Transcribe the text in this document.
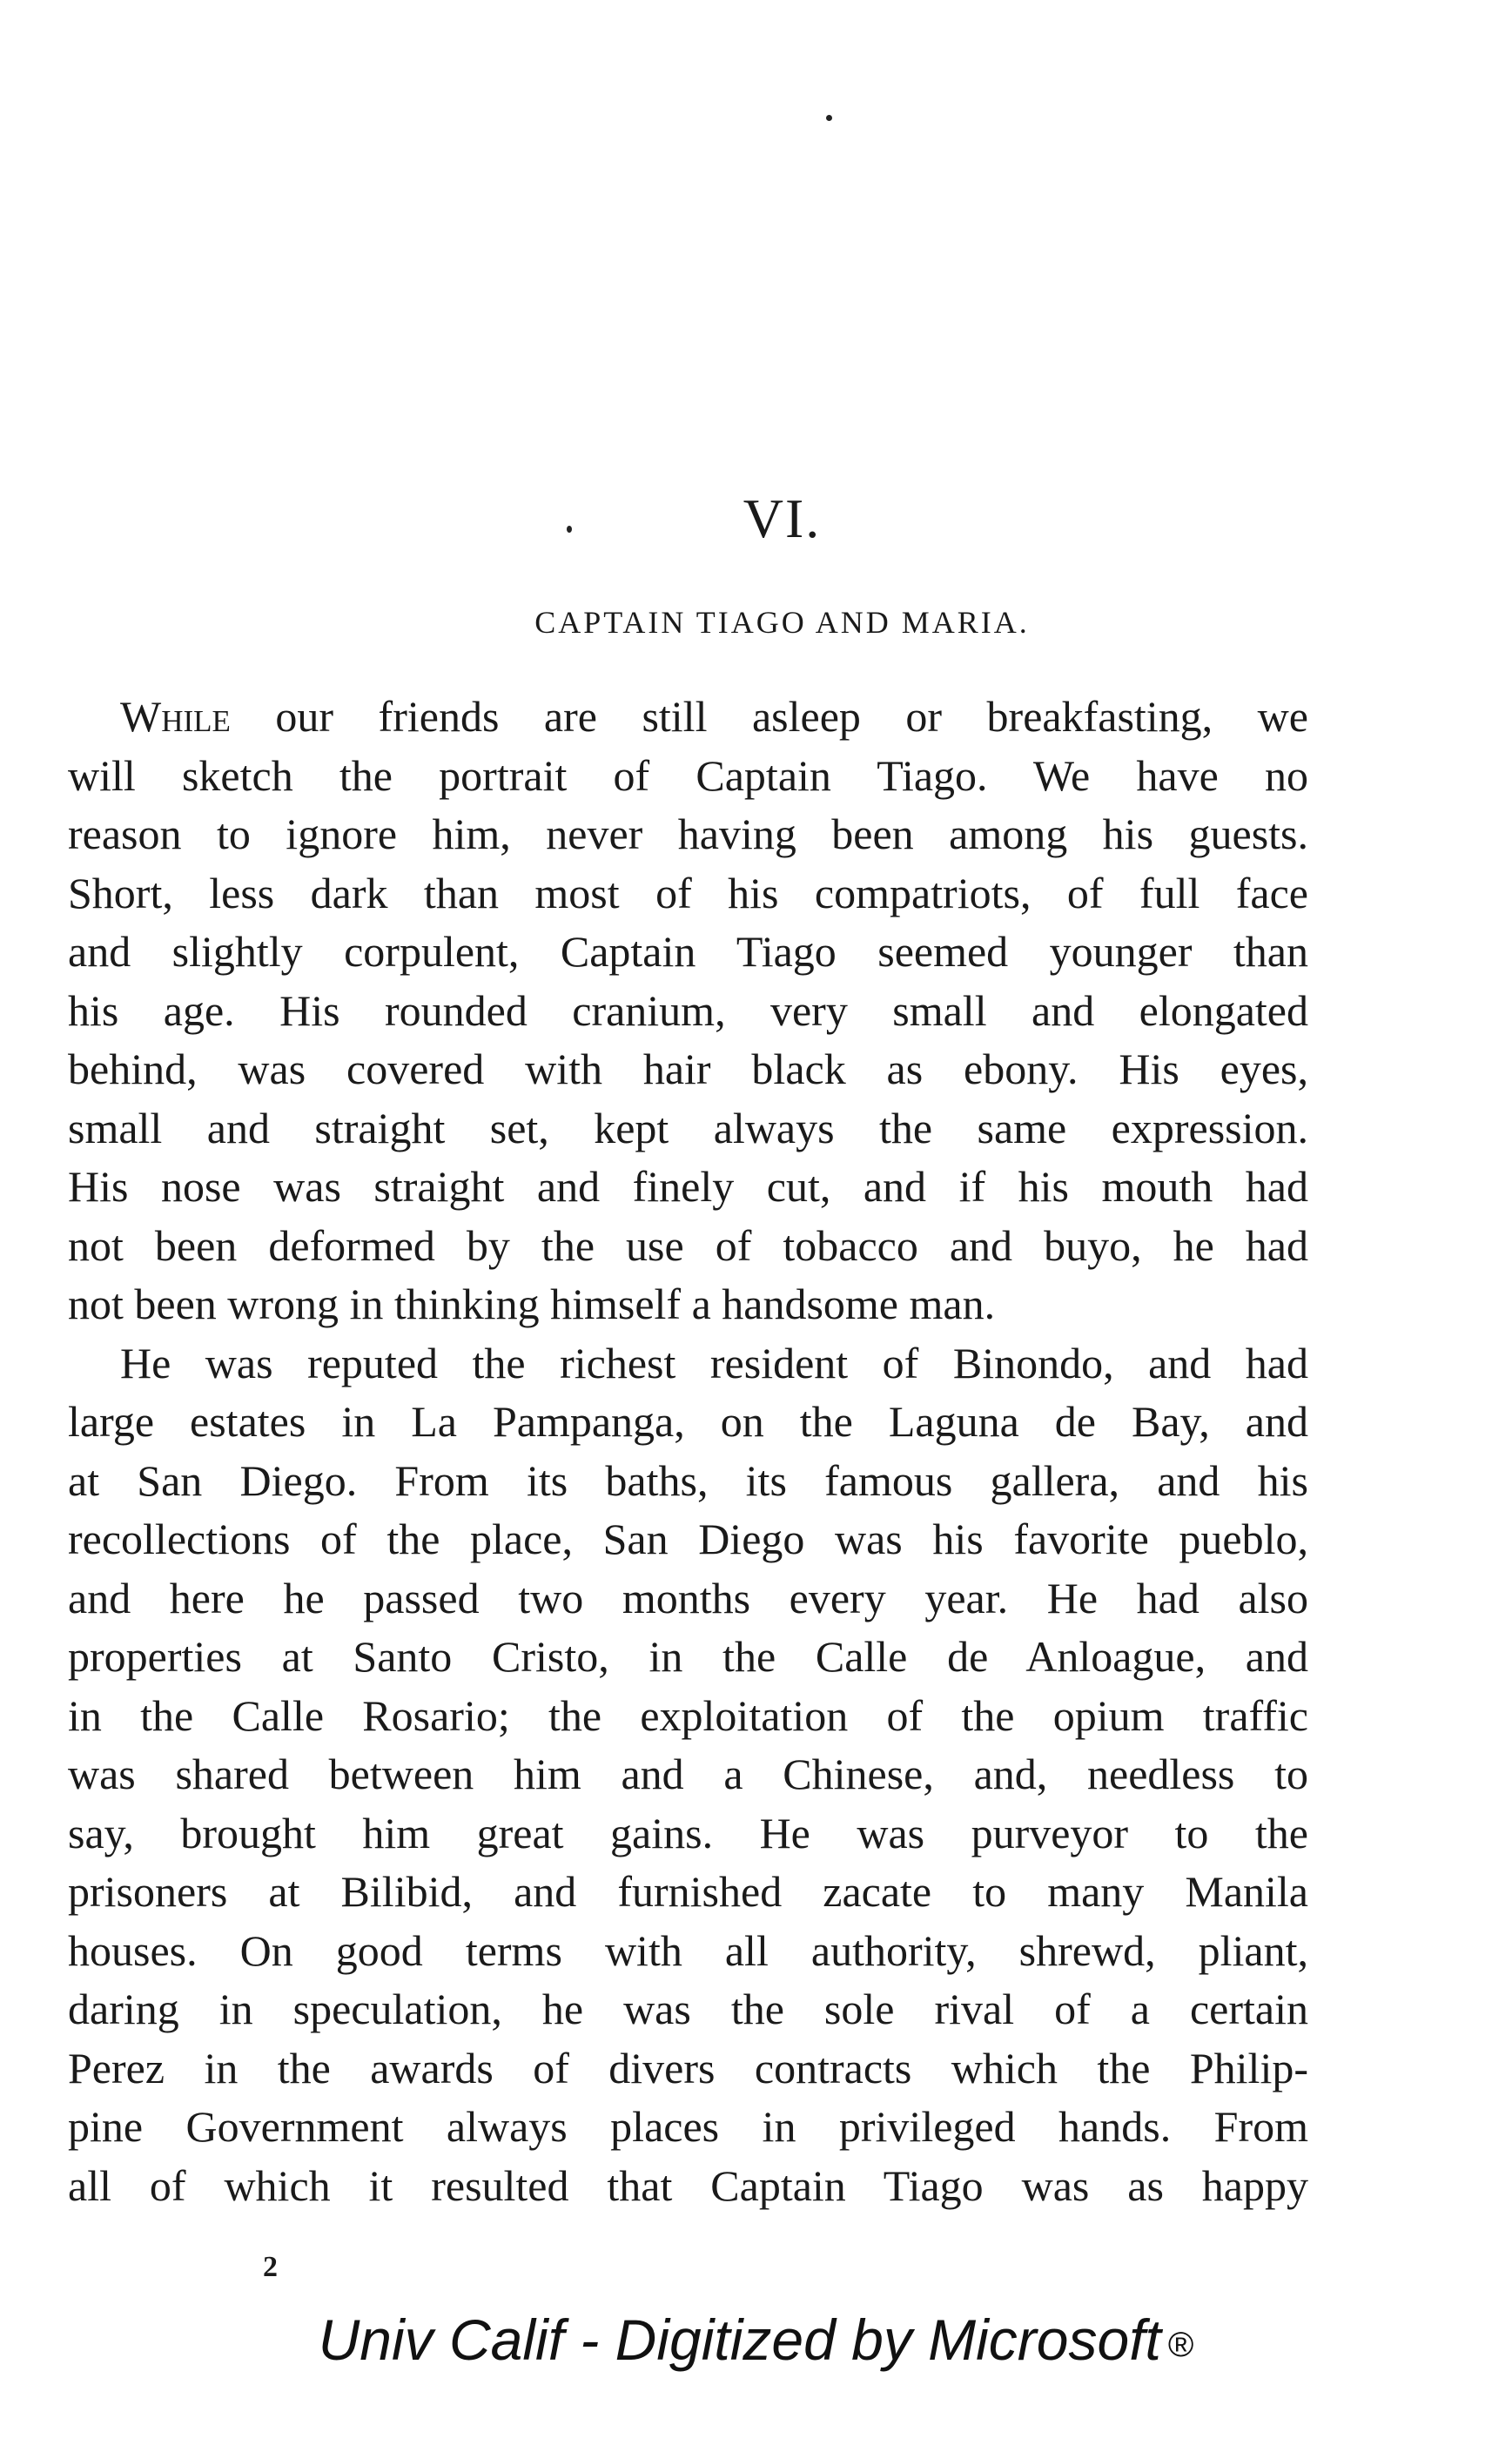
VI.
CAPTAIN TIAGO AND MARIA.
While our friends are still asleep or breakfasting, we
will sketch the portrait of Captain Tiago. We have no
reason to ignore him, never having been among his guests.
Short, less dark than most of his compatriots, of full face
and slightly corpulent, Captain Tiago seemed younger than
his age. His rounded cranium, very small and elongated
behind, was covered with hair black as ebony. His eyes,
small and straight set, kept always the same expression.
His nose was straight and finely cut, and if his mouth had
not been deformed by the use of tobacco and buyo, he had
not been wrong in thinking himself a handsome man.
He was reputed the richest resident of Binondo, and had
large estates in La Pampanga, on the Laguna de Bay, and
at San Diego. From its baths, its famous gallera, and his
recollections of the place, San Diego was his favorite pueblo,
and here he passed two months every year. He had also
properties at Santo Cristo, in the Calle de Anloague, and
in the Calle Rosario; the exploitation of the opium traffic
was shared between him and a Chinese, and, needless to
say, brought him great gains. He was purveyor to the
prisoners at Bilibid, and furnished zacate to many Manila
houses. On good terms with all authority, shrewd, pliant,
daring in speculation, he was the sole rival of a certain
Perez in the awards of divers contracts which the Philip-
pine Government always places in privileged hands. From
all of which it resulted that Captain Tiago was as happy
2
Univ Calif - Digitized by Microsoft ®
